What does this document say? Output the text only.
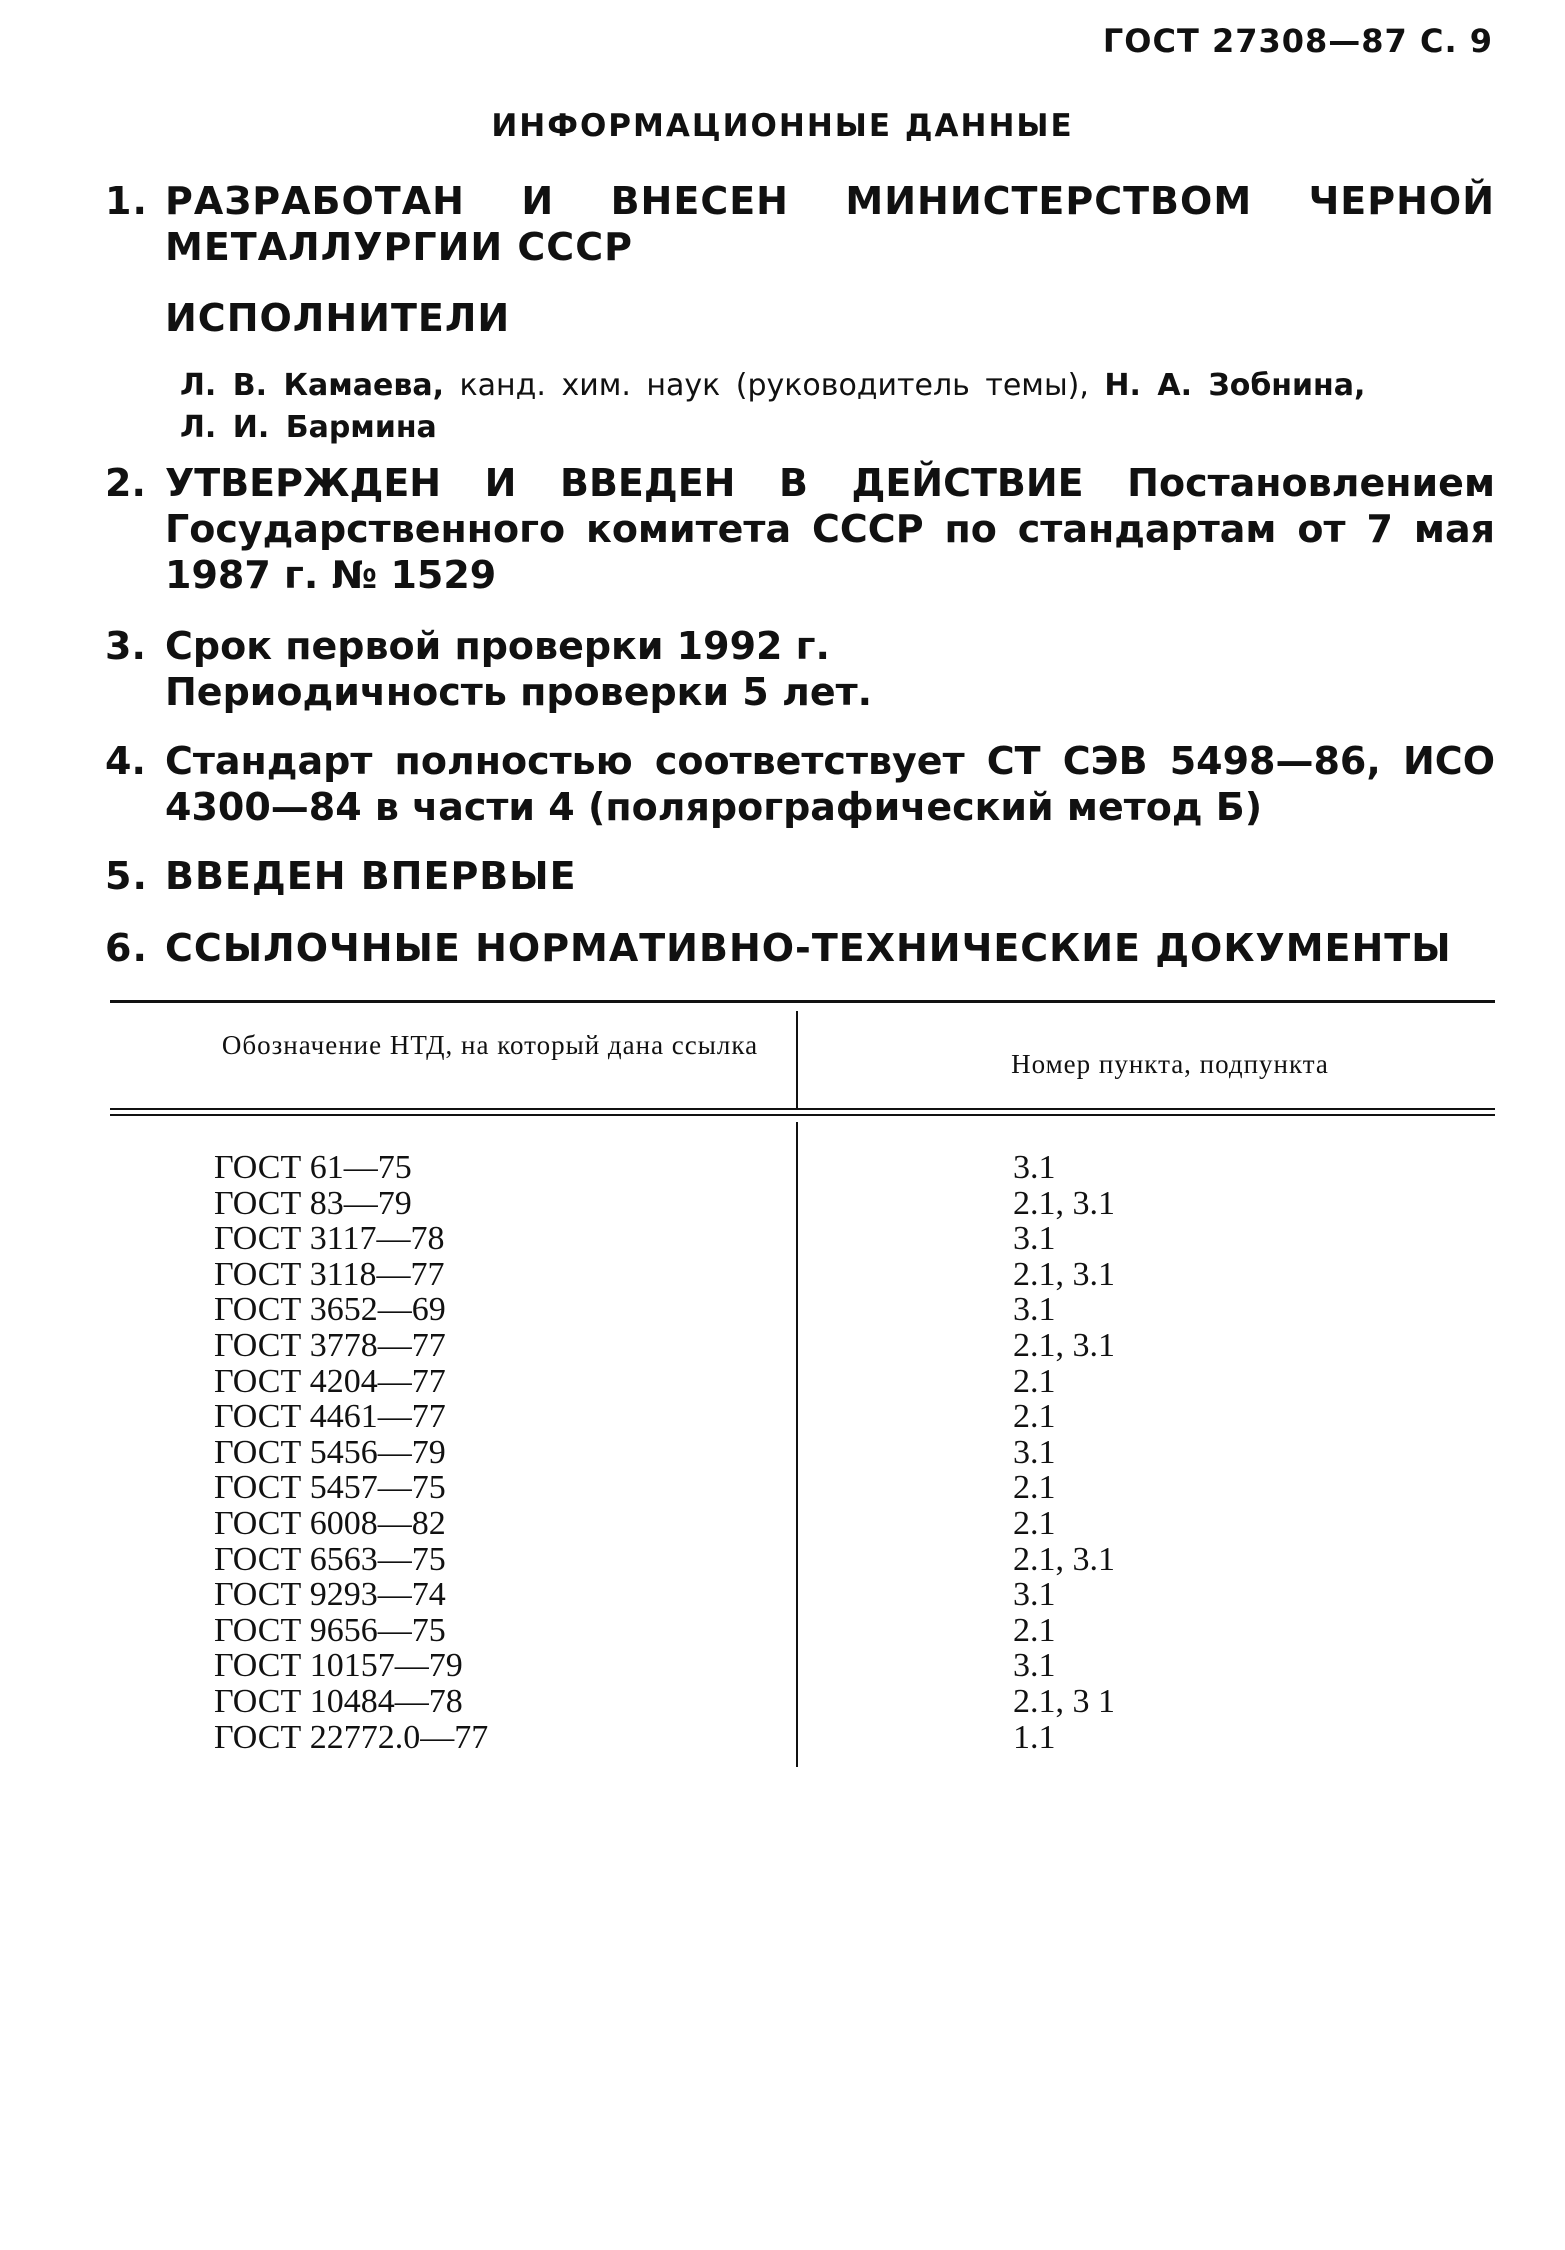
ГОСТ 27308—87 С. 9
ИНФОРМАЦИОННЫЕ ДАННЫЕ
1. РАЗРАБОТАН И ВНЕСЕН МИНИСТЕРСТВОМ ЧЕРНОЙ МЕТАЛЛУРГИИ СССР
ИСПОЛНИТЕЛИ
Л. В. Камаева, канд. хим. наук (руководитель темы), Н. А. Зобнина,
Л. И. Бармина
2. УТВЕРЖДЕН И ВВЕДЕН В ДЕЙСТВИЕ Постановлением Государственного комитета СССР по стандартам от 7 мая 1987 г. № 1529
3. Срок первой проверки 1992 г.
Периодичность проверки 5 лет.
4. Стандарт полностью соответствует СТ СЭВ 5498—86, ИСО 4300—84 в части 4 (полярографический метод Б)
5. ВВЕДЕН ВПЕРВЫЕ
6. ССЫЛОЧНЫЕ НОРМАТИВНО-ТЕХНИЧЕСКИЕ ДОКУМЕНТЫ
Обозначение НТД, на который дана ссылка
Номер пункта, подпункта
ГОСТ 61—75	3.1
ГОСТ 83—79	2.1, 3.1
ГОСТ 3117—78	3.1
ГОСТ 3118—77	2.1, 3.1
ГОСТ 3652—69	3.1
ГОСТ 3778—77	2.1, 3.1
ГОСТ 4204—77	2.1
ГОСТ 4461—77	2.1
ГОСТ 5456—79	3.1
ГОСТ 5457—75	2.1
ГОСТ 6008—82	2.1
ГОСТ 6563—75	2.1, 3.1
ГОСТ 9293—74	3.1
ГОСТ 9656—75	2.1
ГОСТ 10157—79	3.1
ГОСТ 10484—78	2.1, 3 1
ГОСТ 22772.0—77	1.1
